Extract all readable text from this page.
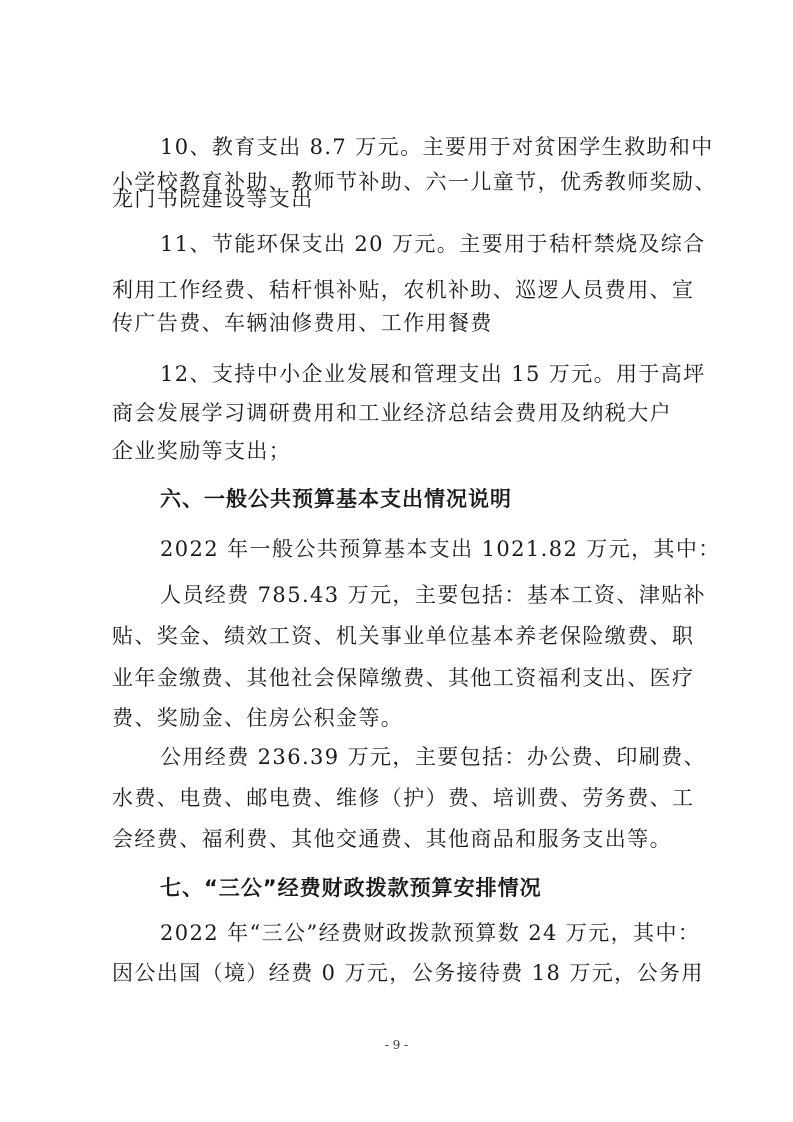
10、教育支出 8.7 万元。主要用于对贫困学生救助和中
小学校教育补助、教师节补助、六一儿童节，优秀教师奖励、
龙门书院建设等支出
11、节能环保支出 20 万元。主要用于秸杆禁烧及综合
利用工作经费、秸杆惧补贴，农机补助、巡逻人员费用、宣
传广告费、车辆油修费用、工作用餐费
12、支持中小企业发展和管理支出 15 万元。用于高坪
商会发展学习调研费用和工业经济总结会费用及纳税大户
企业奖励等支出；
六、一般公共预算基本支出情况说明
2022 年一般公共预算基本支出 1021.82 万元，其中：
人员经费 785.43 万元，主要包括：基本工资、津贴补
贴、奖金、绩效工资、机关事业单位基本养老保险缴费、职
业年金缴费、其他社会保障缴费、其他工资福利支出、医疗
费、奖励金、住房公积金等。
公用经费 236.39 万元，主要包括：办公费、印刷费、
水费、电费、邮电费、维修（护）费、培训费、劳务费、工
会经费、福利费、其他交通费、其他商品和服务支出等。
七、“三公”经费财政拨款预算安排情况
2022 年“三公”经费财政拨款预算数 24 万元，其中：
因公出国（境）经费 0 万元，公务接待费 18 万元，公务用
- 9 -
